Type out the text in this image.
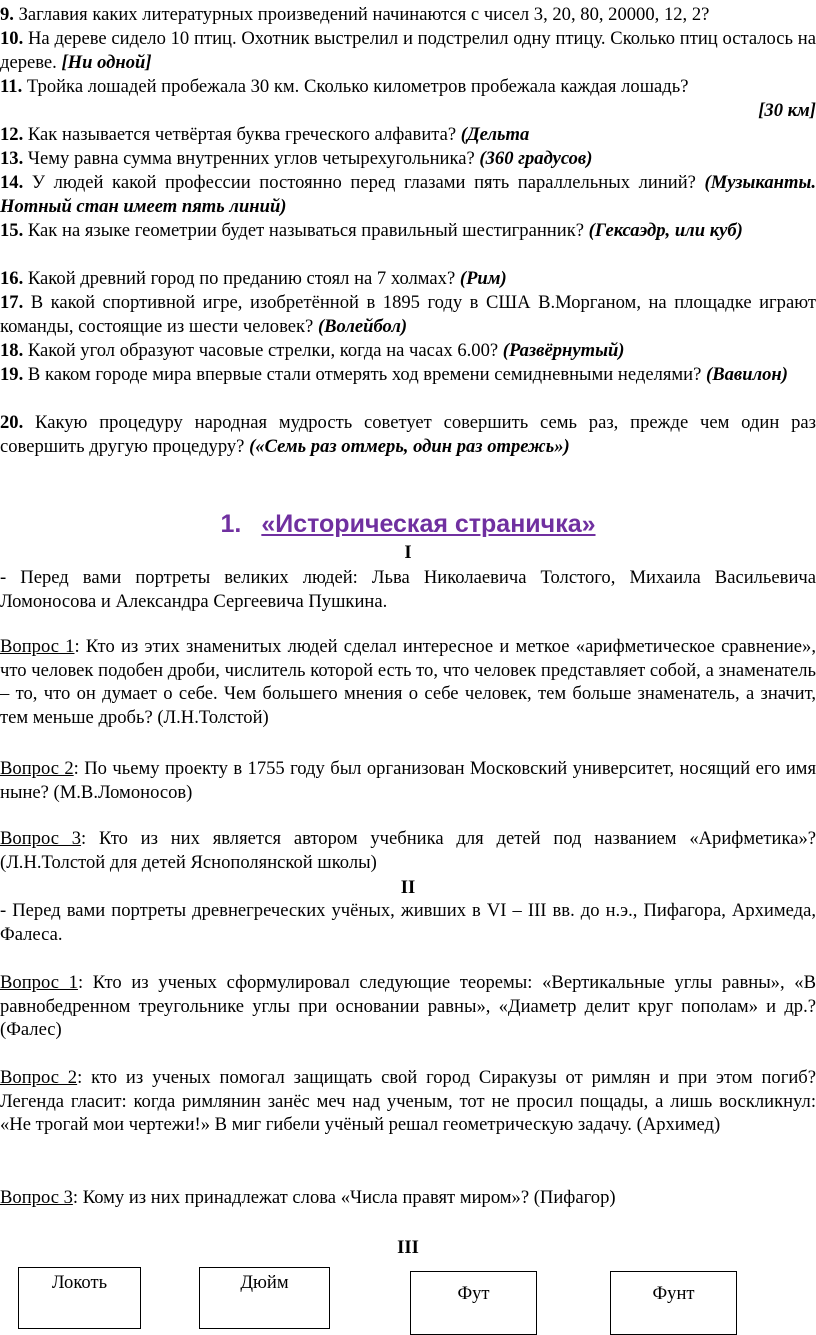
9. Заглавия каких литературных произведений начинаются с чисел 3, 20, 80, 20000, 12, 2?

10. На дереве сидело 10 птиц. Охотник выстрелил и подстрелил одну птицу. Сколько птиц осталось на дереве. [Ни одной]

11. Тройка лошадей пробежала 30 км. Сколько километров пробежала каждая лошадь?

[30 км]

12. Как называется четвёртая буква греческого алфавита? (Дельта

13. Чему равна сумма внутренних углов четырехугольника? (360 градусов)

14. У людей какой профессии постоянно перед глазами пять параллельных линий? (Музыканты. Нотный стан имеет пять линий)

15. Как на языке геометрии будет называться правильный шестигранник? (Гексаэдр, или куб)

16. Какой древний город по преданию стоял на 7 холмах? (Рим)

17. В какой спортивной игре, изобретённой в 1895 году в США В.Морганом, на площадке играют команды, состоящие из шести человек? (Волейбол)

18. Какой угол образуют часовые стрелки, когда на часах 6.00? (Развёрнутый)

19. В каком городе мира впервые стали отмерять ход времени семидневными неделями? (Вавилон)

20. Какую процедуру народная мудрость советует совершить семь раз, прежде чем один раз совершить другую процедуру? («Семь раз отмерь, один раз отрежь»)

1. «Историческая страничка»
I

- Перед вами портреты великих людей: Льва Николаевича Толстого, Михаила Васильевича Ломоносова и Александра Сергеевича Пушкина.

Вопрос 1: Кто из этих знаменитых людей сделал интересное и меткое «арифметическое сравнение», что человек подобен дроби, числитель которой есть то, что человек представляет собой, а знаменатель – то, что он думает о себе. Чем большего мнения о себе человек, тем больше знаменатель, а значит, тем меньше дробь? (Л.Н.Толстой)

Вопрос 2: По чьему проекту в 1755 году был организован Московский университет, носящий его имя ныне? (М.В.Ломоносов)

Вопрос 3: Кто из них является автором учебника для детей под названием «Арифметика»? (Л.Н.Толстой для детей Яснополянской школы)

II

- Перед вами портреты древнегреческих учёных, живших в VI – III вв. до н.э., Пифагора, Архимеда, Фалеса.

Вопрос 1: Кто из ученых сформулировал следующие теоремы: «Вертикальные углы равны», «В равнобедренном треугольнике углы при основании равны», «Диаметр делит круг пополам» и др.? (Фалес)

Вопрос 2: кто из ученых помогал защищать свой город Сиракузы от римлян и при этом погиб? Легенда гласит: когда римлянин занёс меч над ученым, тот не просил пощады, а лишь воскликнул: «Не трогай мои чертежи!» В миг гибели учёный решал геометрическую задачу. (Архимед)

Вопрос 3: Кому из них принадлежат слова «Числа правят миром»? (Пифагор)

III
Локоть	Дюйм
Фут	Фунт
